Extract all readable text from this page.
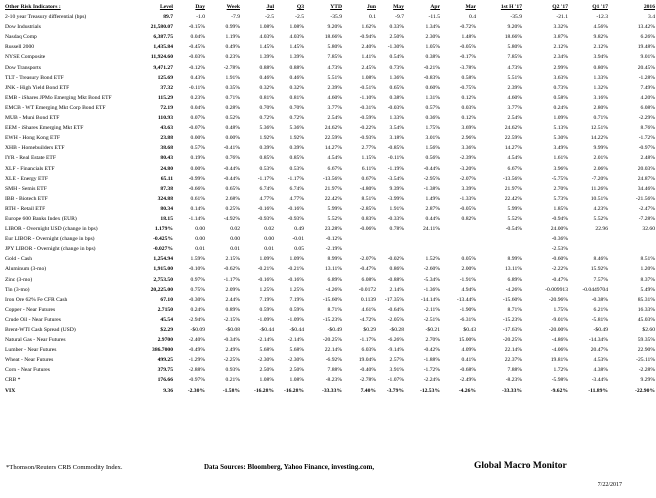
Other Risk Indicators :	Level	Day	Week	Jul	Q3	YTD	Jun	May	Apr	Mar	1st H '17	Q2 '17	Q1 '17	2016
2-10 year Treasury differential (bps)	89.7	-1.0	-7.9	-2.5	-2.5	-35.9	0.1	-9.7	-11.5	0.4	-35.9	-21.1	-12.3	3.4
Dow Industrials	21,580.07	-0.15%	0.99%	1.08%	1.08%	9.20%	1.62%	0.33%	1.34%	-0.72%	9.20%	3.32%	4.56%	13.42%
Nasdaq Comp	6,387.75	0.04%	1.19%	4.03%	4.03%	18.66%	-0.94%	2.50%	2.30%	1.48%	18.66%	3.87%	9.82%	6.26%
Russell 2000	1,435.84	-0.45%	0.49%	1.45%	1.45%	5.80%	2.40%	-1.30%	1.05%	-0.05%	5.80%	2.12%	2.12%	19.48%
NYSE Composite	11,924.60	-0.03%	0.23%	1.39%	1.39%	7.85%	1.41%	0.54%	0.38%	-0.17%	7.85%	2.34%	3.94%	9.01%
Dow Transports	9,471.27	-0.12%	-2.78%	0.88%	0.88%	4.73%	2.45%	0.73%	-0.21%	-3.78%	4.73%	2.99%	0.80%	20.45%
TLT - Treasury Bond ETF	125.69	0.43%	1.91%	0.46%	0.46%	5.51%	1.08%	1.36%	-0.83%	0.58%	5.51%	3.63%	1.33%	-1.28%
JNK - High Yield Bond ETF	37.32	-0.11%	0.35%	0.32%	0.32%	2.39%	-0.51%	0.65%	0.60%	-0.75%	2.39%	0.73%	1.32%	7.49%
EMB - iShares JPMo Emerging Mkt Bond ETF	115.29	0.23%	0.71%	0.81%	0.81%	4.60%	-1.10%	0.38%	1.31%	0.12%	4.60%	0.58%	3.16%	4.20%
EMCB - WT Emerging Mkt Corp Bond ETF	72.19	0.04%	0.28%	0.70%	0.70%	3.77%	-0.31%	-0.03%	0.57%	0.03%	3.77%	0.24%	2.80%	6.08%
MUB - Muni Bond ETF	110.93	0.07%	0.52%	0.72%	0.72%	2.54%	-0.59%	1.33%	0.36%	0.12%	2.54%	1.09%	0.71%	-2.29%
EEM - iShares Emerging Mkt ETF	43.63	-0.07%	0.48%	5.36%	5.36%	24.62%	-0.22%	3.54%	1.75%	3.69%	24.62%	5.13%	12.51%	8.76%
EWH - Hong Kong ETF	23.88	0.00%	0.00%	1.92%	1.92%	22.59%	-0.93%	3.18%	3.01%	2.96%	22.59%	5.30%	14.22%	-1.72%
XHB - Homebuilders ETF	38.68	0.57%	-0.41%	0.39%	0.39%	14.27%	2.77%	-0.85%	1.56%	3.36%	14.27%	3.49%	9.99%	-0.97%
IYR - Real Estate ETF	80.43	0.19%	0.76%	0.85%	0.85%	4.54%	1.15%	-0.11%	0.56%	-2.39%	4.54%	1.61%	2.01%	2.48%
XLF - Financials ETF	24.80	0.00%	-0.44%	0.53%	0.53%	6.67%	6.11%	-1.19%	-0.44%	-3.20%	6.67%	3.96%	2.06%	20.03%
XLE - Energy ETF	65.11	-0.99%	-0.44%	-1.17%	-1.17%	-13.56%	0.67%	-3.54%	-2.95%	-2.07%	-13.56%	-5.75%	-7.20%	24.87%
SMH - Semis ETF	87.38	-0.66%	0.65%	6.74%	6.74%	21.97%	-4.80%	9.39%	-1.38%	3.39%	21.97%	2.70%	11.26%	34.46%
IBB - Biotech ETF	324.88	0.61%	2.68%	4.77%	4.77%	22.42%	8.51%	-3.99%	1.49%	-1.33%	22.42%	5.73%	10.51%	-21.56%
RTH - Retail ETF	80.34	0.14%	0.25%	-0.16%	-0.16%	5.99%	-2.85%	1.91%	2.87%	-0.05%	5.99%	1.85%	4.23%	-2.47%
Europe 600 Banks Index (EUR)	18.15	-1.14%	-4.92%	-0.93%	-0.93%	5.52%	0.83%	-0.33%	0.44%	0.82%	5.52%	-0.94%	5.52%	-7.28%
LIBOR - Overnight USD (change in bps)	1.179%	0.00	0.02	0.02	0.49	23.28%	-0.06%	0.78%	24.11%		-0.54%	24.00%	22.96	32.60
Eur LIBOR - Overnight (change in bps)	-0.425%	0.00	0.00	0.00	-0.01	-0.12%						-0.36%		
JPY LIBOR - Overnight (change in bps)	-0.027%	0.01	0.01	0.01	0.05	-2.19%						-2.53%		
Gold - Cash	1,254.94	1.59%	2.15%	1.09%	1.09%	8.99%	-2.07%	-0.02%	1.52%	0.05%	8.99%	-0.60%	8.46%	8.51%
Aluminum (3-mo)	1,915.00	-0.10%	-0.62%	-0.21%	-0.21%	13.11%	-0.47%	0.86%	-2.60%	2.00%	13.11%	-2.22%	15.92%	1.20%
Zinc (3-mo)	2,753.50	0.97%	-1.17%	-0.16%	-0.16%	6.89%	6.08%	-0.88%	-5.34%	-1.91%	6.89%	-0.47%	7.57%	8.37%
Tin (3-mo)	20,225.00	0.75%	2.09%	1.25%	1.25%	-4.26%	-0.0172	2.14%	-1.36%	4.94%	-4.26%	-0.009913	-0.0449704	5.49%
Iron Ore 62% Fe CFR Cash	67.10	-0.30%	2.44%	7.19%	7.19%	-15.60%	0.1139	-17.35%	-14.14%	-13.44%	-15.60%	-20.96%	-0.38%	85.31%
Copper - Near Futures	2.7150	0.24%	0.89%	0.59%	0.59%	8.71%	4.61%	-0.64%	-2.11%	-1.90%	8.71%	1.75%	6.21%	16.33%
Crude Oil - Near Futures	45.54	-2.94%	-2.15%	-1.09%	-1.09%	-15.23%	-4.72%	-2.05%	-2.51%	-6.31%	-15.23%	-9.01%	-5.81%	45.03%
Brent-WTI Cash Spread (USD)	$2.29	-$0.09	-$0.08	-$0.44	-$0.44	-$0.49	$0.29	-$0.28	-$0.21	$0.43	-17.63%	-20.00%	-$0.49	$2.60
Natural Gas - Near Futures	2.9700	-2.40%	-0.34%	-2.14%	-2.14%	-20.25%	-1.17%	-6.26%	2.70%	15.00%	-20.25%	-4.86%	-14.34%	59.35%
Lumber - Near Futures	386.7000	-0.49%	2.49%	5.68%	5.68%	22.14%	6.03%	-9.14%	-0.42%	4.09%	22.14%	-4.06%	20.47%	22.90%
Wheat - Near Futures	499.25	-1.29%	-2.25%	-2.30%	-2.30%	-6.92%	19.04%	2.57%	-1.88%	0.41%	22.37%	19.81%	4.53%	-25.11%
Corn - Near Futures	379.75	-2.88%	0.93%	2.50%	2.50%	7.88%	-0.40%	3.91%	-1.72%	-0.68%	7.88%	1.72%	4.38%	-2.28%
CRB *	176.66	-0.97%	0.21%	1.08%	1.08%	-8.23%	-2.78%	-1.07%	-2.24%	-2.49%	-8.23%	-5.98%	-3.44%	9.29%
VIX	9.36	-2.30%	-1.58%	-16.28%	-16.28%	-33.33%	7.40%	-3.79%	-12.53%	-4.26%	-33.33%	-9.62%	-11.89%	-22.90%
*Thomson/Reuters CRB Commodity Index.	Data Sources: Bloomberg, Yahoo Finance, investing.com,	Global Macro Monitor
7/22/2017
